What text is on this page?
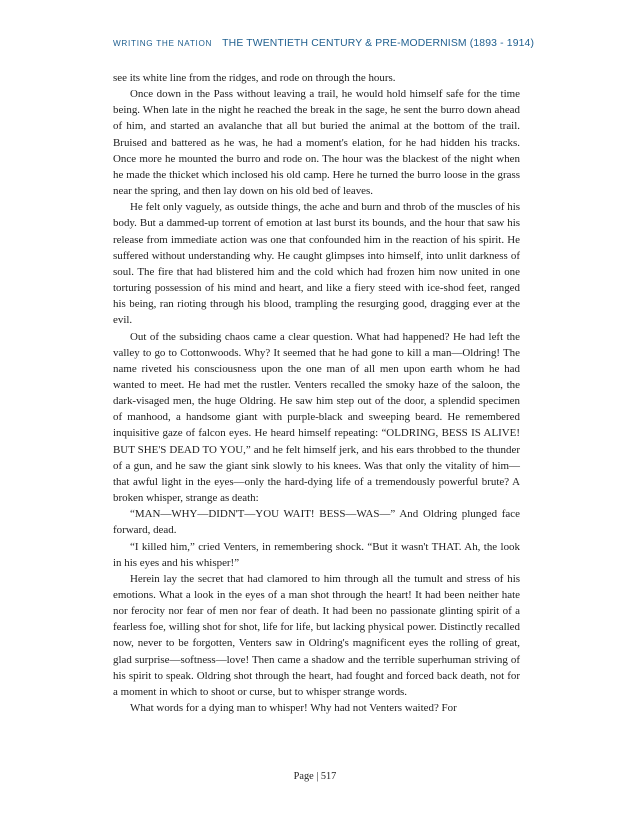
WRITING THE NATION THE TWENTIETH CENTURY & PRE-MODERNISM (1893 - 1914)

see its white line from the ridges, and rode on through the hours.

Once down in the Pass without leaving a trail, he would hold himself safe for the time being. When late in the night he reached the break in the sage, he sent the burro down ahead of him, and started an avalanche that all but buried the animal at the bottom of the trail. Bruised and battered as he was, he had a moment's elation, for he had hidden his tracks. Once more he mounted the burro and rode on. The hour was the blackest of the night when he made the thicket which inclosed his old camp. Here he turned the burro loose in the grass near the spring, and then lay down on his old bed of leaves.

He felt only vaguely, as outside things, the ache and burn and throb of the muscles of his body. But a dammed-up torrent of emotion at last burst its bounds, and the hour that saw his release from immediate action was one that confounded him in the reaction of his spirit. He suffered without understanding why. He caught glimpses into himself, into unlit darkness of soul. The fire that had blistered him and the cold which had frozen him now united in one torturing possession of his mind and heart, and like a fiery steed with ice-shod feet, ranged his being, ran rioting through his blood, trampling the resurging good, dragging ever at the evil.

Out of the subsiding chaos came a clear question. What had happened? He had left the valley to go to Cottonwoods. Why? It seemed that he had gone to kill a man—Oldring! The name riveted his consciousness upon the one man of all men upon earth whom he had wanted to meet. He had met the rustler. Venters recalled the smoky haze of the saloon, the dark-visaged men, the huge Oldring. He saw him step out of the door, a splendid specimen of manhood, a handsome giant with purple-black and sweeping beard. He remembered inquisitive gaze of falcon eyes. He heard himself repeating: “OLDRING, BESS IS ALIVE! BUT SHE'S DEAD TO YOU,” and he felt himself jerk, and his ears throbbed to the thunder of a gun, and he saw the giant sink slowly to his knees. Was that only the vitality of him—that awful light in the eyes—only the hard-dying life of a tremendously powerful brute? A broken whisper, strange as death:

“MAN—WHY—DIDN'T—YOU WAIT! BESS—WAS—” And Oldring plunged face forward, dead.

“I killed him,” cried Venters, in remembering shock. “But it wasn't THAT. Ah, the look in his eyes and his whisper!”

Herein lay the secret that had clamored to him through all the tumult and stress of his emotions. What a look in the eyes of a man shot through the heart! It had been neither hate nor ferocity nor fear of men nor fear of death. It had been no passionate glinting spirit of a fearless foe, willing shot for shot, life for life, but lacking physical power. Distinctly recalled now, never to be forgotten, Venters saw in Oldring's magnificent eyes the rolling of great, glad surprise—softness—love! Then came a shadow and the terrible superhuman striving of his spirit to speak. Oldring shot through the heart, had fought and forced back death, not for a moment in which to shoot or curse, but to whisper strange words.

What words for a dying man to whisper! Why had not Venters waited? For

Page | 517
